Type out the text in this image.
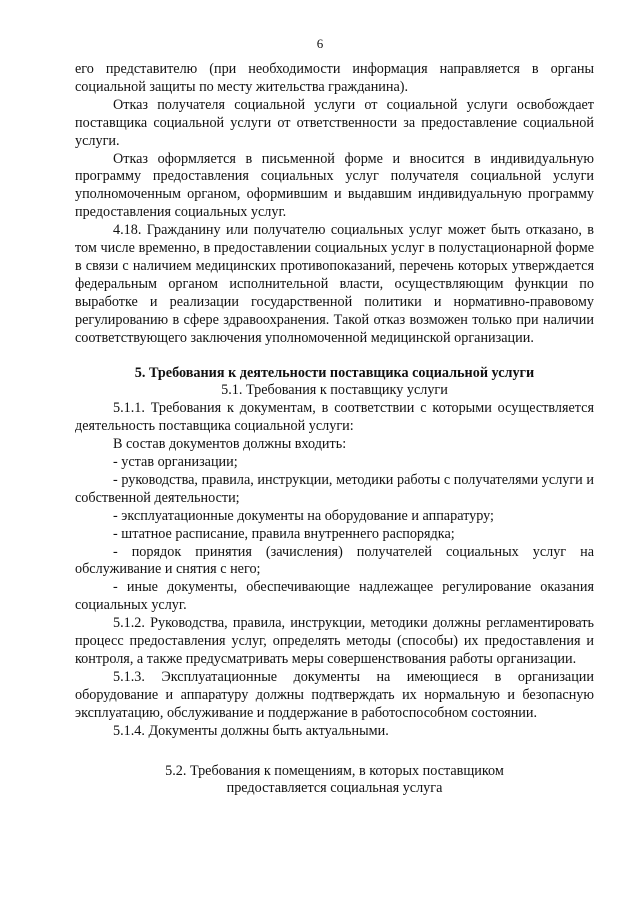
6

его представителю (при необходимости информация направляется в органы социальной защиты по месту жительства гражданина).

Отказ получателя социальной услуги от социальной услуги освобождает поставщика социальной услуги от ответственности за предоставление социальной услуги.

Отказ оформляется в письменной форме и вносится в индивидуальную программу предоставления социальных услуг получателя социальной услуги уполномоченным органом, оформившим и выдавшим индивидуальную программу предоставления социальных услуг.

4.18. Гражданину или получателю социальных услуг может быть отказано, в том числе временно, в предоставлении социальных услуг в полустационарной форме в связи с наличием медицинских противопоказаний, перечень которых утверждается федеральным органом исполнительной власти, осуществляющим функции по выработке и реализации государственной политики и нормативно-правовому регулированию в сфере здравоохранения. Такой отказ возможен только при наличии соответствующего заключения уполномоченной медицинской организации.

5. Требования к деятельности поставщика социальной услуги

5.1. Требования к поставщику услуги

5.1.1. Требования к документам, в соответствии с которыми осуществляется деятельность поставщика социальной услуги:

В состав документов должны входить:

- устав организации;

- руководства, правила, инструкции, методики работы с получателями услуги и собственной деятельности;

- эксплуатационные документы на оборудование и аппаратуру;

- штатное расписание, правила внутреннего распорядка;

- порядок принятия (зачисления) получателей социальных услуг на обслуживание и снятия с него;

- иные документы, обеспечивающие надлежащее регулирование оказания социальных услуг.

5.1.2. Руководства, правила, инструкции, методики должны регламентировать процесс предоставления услуг, определять методы (способы) их предоставления и контроля, а также предусматривать меры совершенствования работы организации.

5.1.3. Эксплуатационные документы на имеющиеся в организации оборудование и аппаратуру должны подтверждать их нормальную и безопасную эксплуатацию, обслуживание и поддержание в работоспособном состоянии.

5.1.4. Документы должны быть актуальными.

5.2. Требования к помещениям, в которых поставщиком

предоставляется социальная услуга
